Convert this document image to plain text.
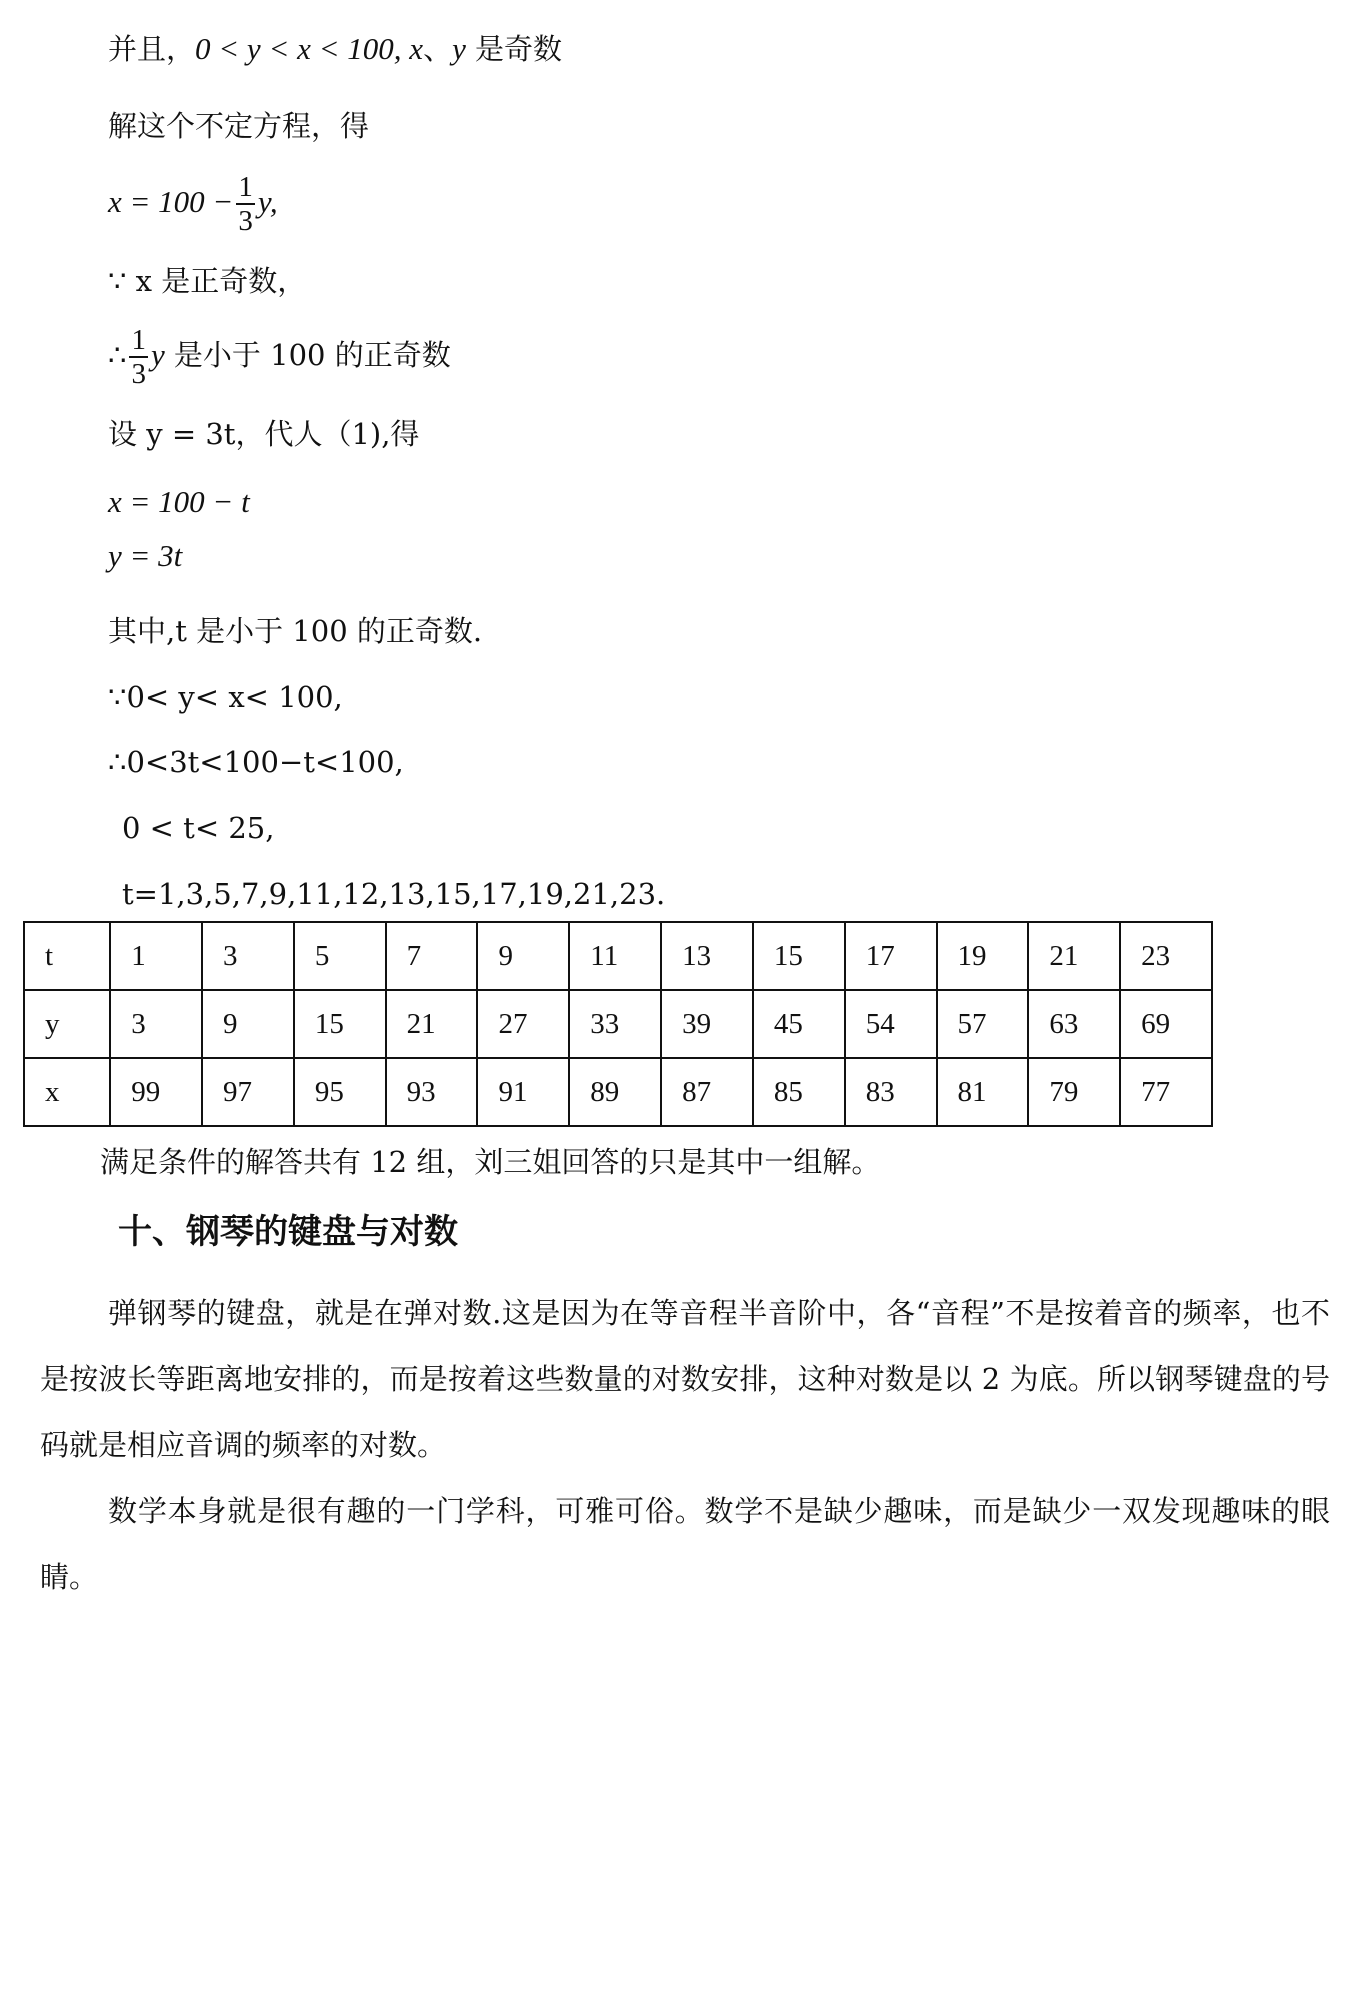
并且，0 < y < x < 100, x、y 是奇数
解这个不定方程，得
$x = 100 - \frac{1}{3} y$,
∵ x 是正奇数，
∴ $\frac{1}{3}$ y 是小于 100 的正奇数
设 y = 3t，代人（1),得
x = 100 − t
y = 3t
其中,t 是小于 100 的正奇数.
∵0< y< x< 100,
∴0<3t<100−t<100,
0 < t< 25,
t=1,3,5,7,9,11,12,13,15,17,19,21,23.
t	1	3	5	7	9	11	13	15	17	19	21	23
y	3	9	15	21	27	33	39	45	54	57	63	69
x	99	97	95	93	91	89	87	85	83	81	79	77
满足条件的解答共有 12 组，刘三姐回答的只是其中一组解。
十、钢琴的键盘与对数
弹钢琴的键盘，就是在弹对数.这是因为在等音程半音阶中，各“音程”不是按着音的频率，也不是按波长等距离地安排的，而是按着这些数量的对数安排，这种对数是以 2 为底。所以钢琴键盘的号码就是相应音调的频率的对数。
数学本身就是很有趣的一门学科，可雅可俗。数学不是缺少趣味，而是缺少一双发现趣味的眼睛。
